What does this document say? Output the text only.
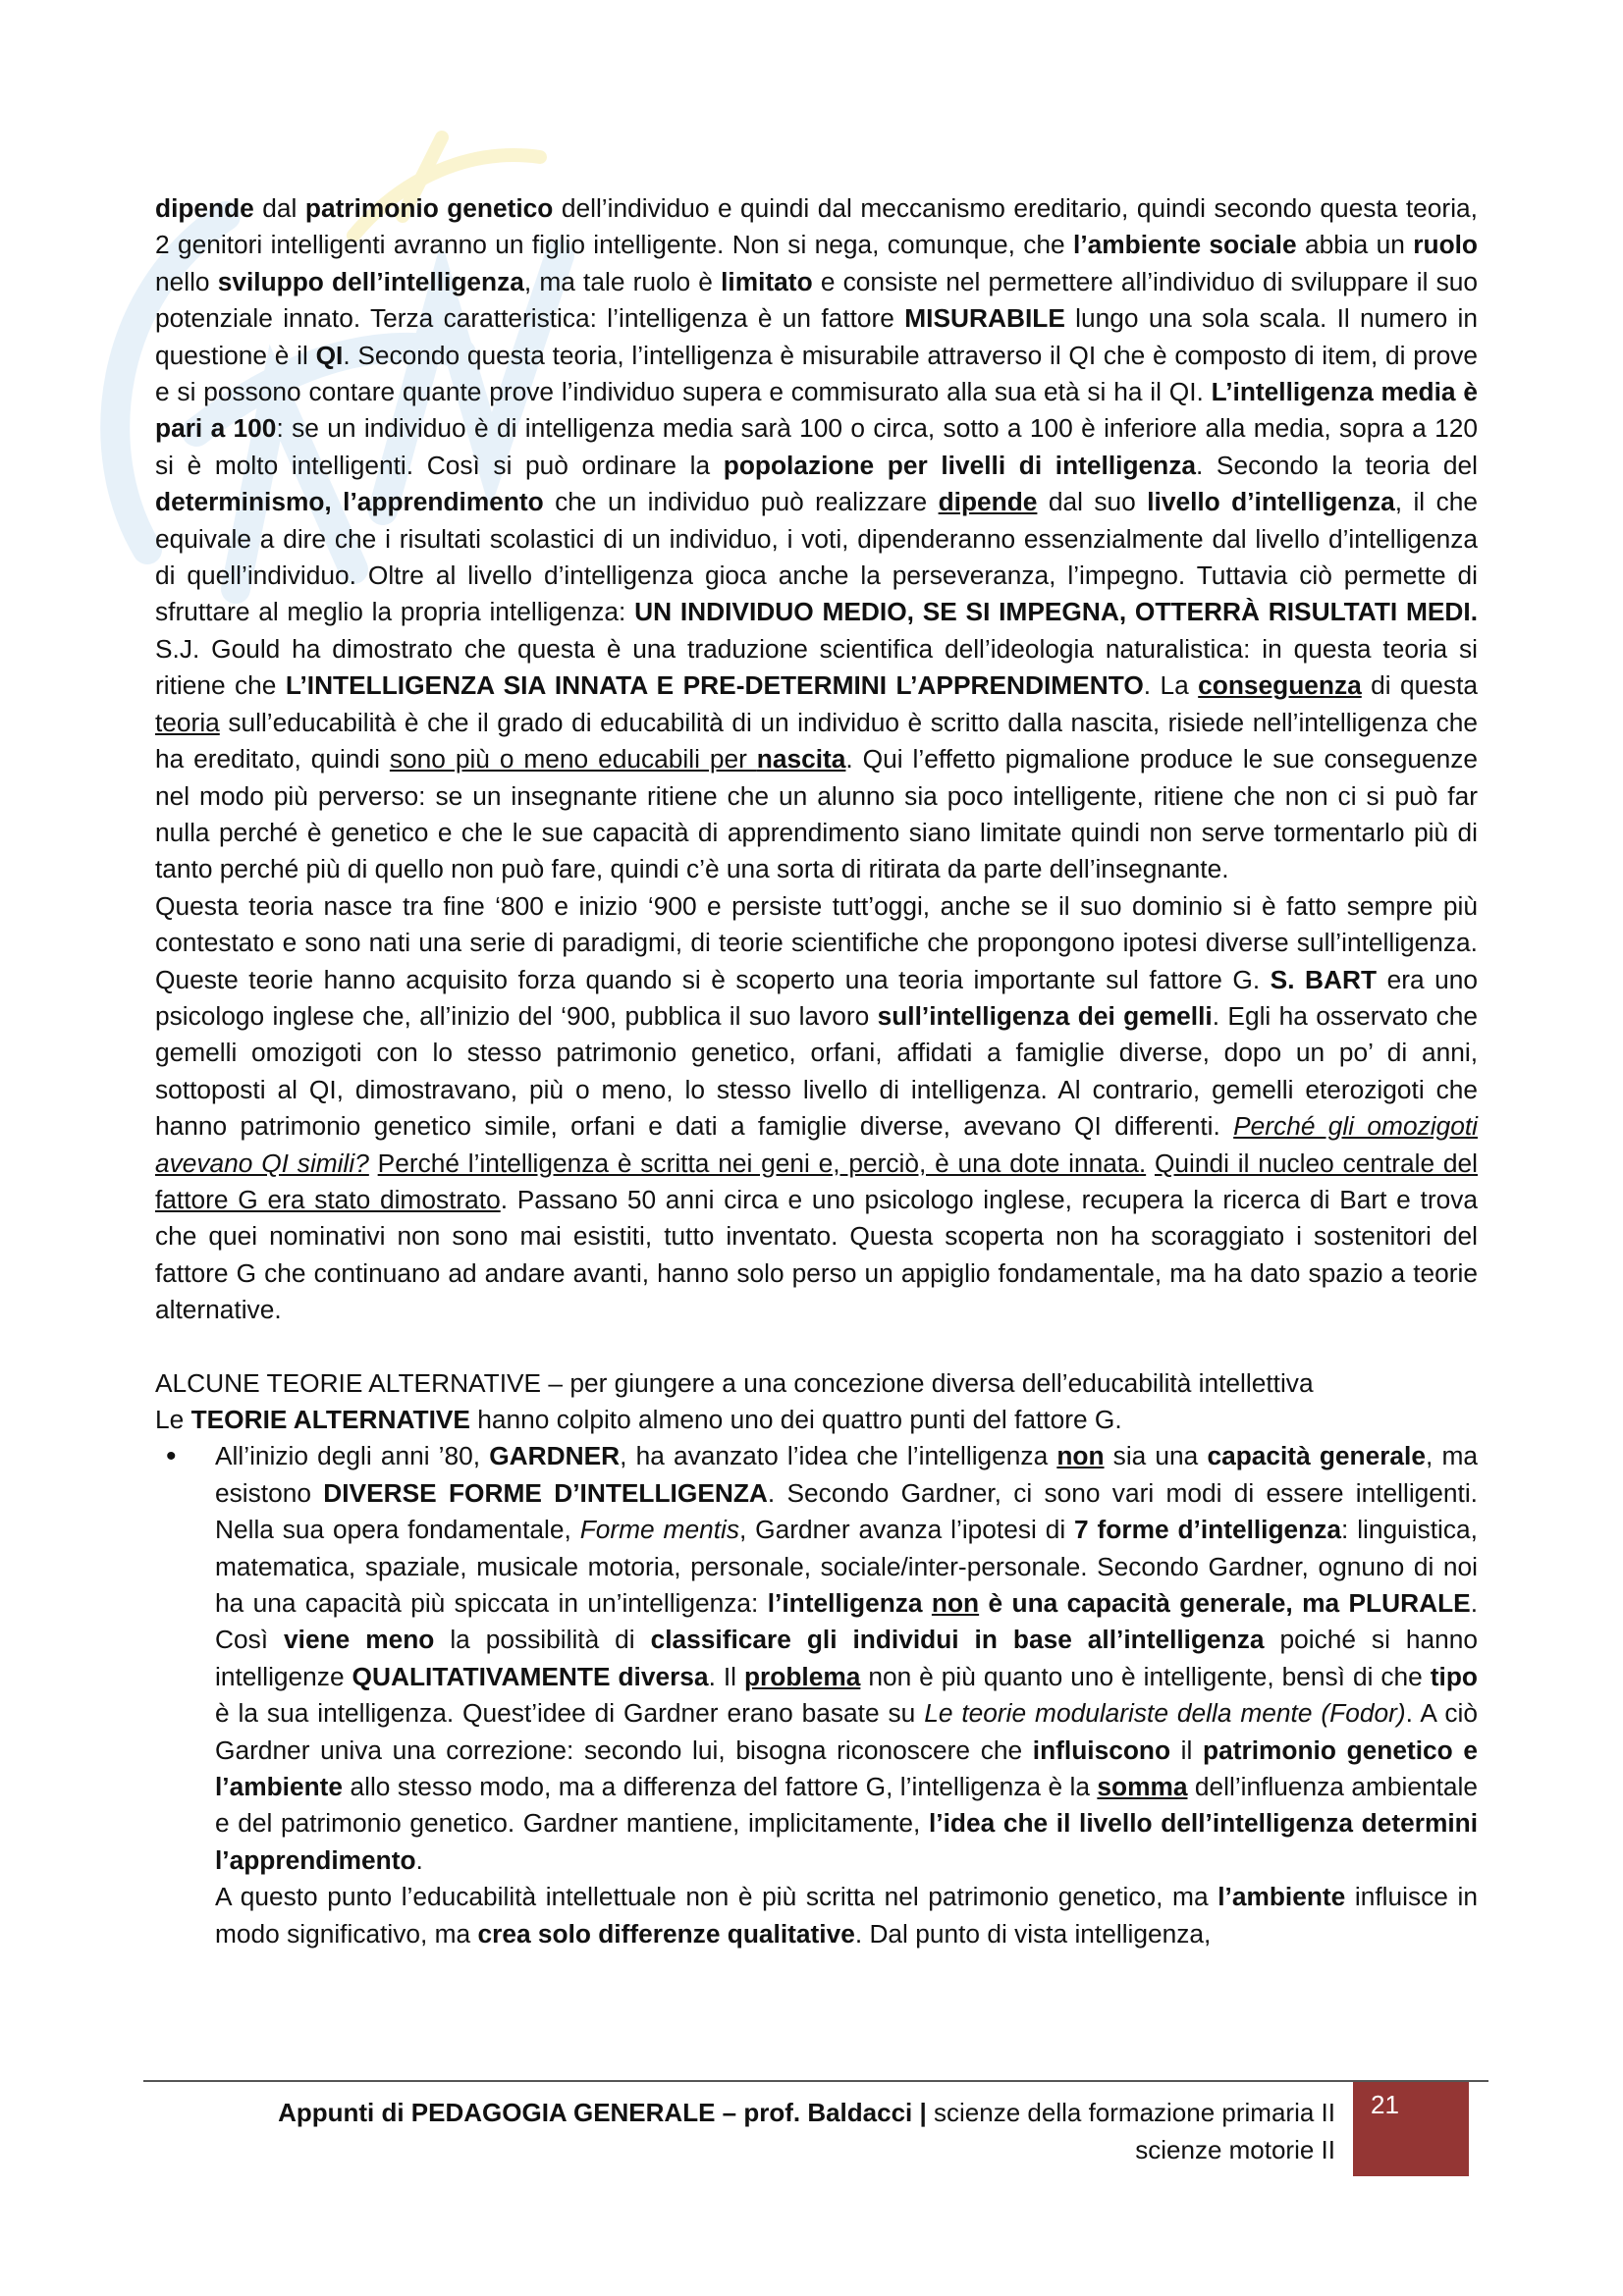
dipende dal patrimonio genetico dell’individuo e quindi dal meccanismo ereditario, quindi secondo questa teoria, 2 genitori intelligenti avranno un figlio intelligente. Non si nega, comunque, che l’ambiente sociale abbia un ruolo nello sviluppo dell’intelligenza, ma tale ruolo è limitato e consiste nel permettere all’individuo di sviluppare il suo potenziale innato. Terza caratteristica: l’intelligenza è un fattore MISURABILE lungo una sola scala. Il numero in questione è il QI. Secondo questa teoria, l’intelligenza è misurabile attraverso il QI che è composto di item, di prove e si possono contare quante prove l’individuo supera e commisurato alla sua età si ha il QI. L’intelligenza media è pari a 100: se un individuo è di intelligenza media sarà 100 o circa, sotto a 100 è inferiore alla media, sopra a 120 si è molto intelligenti. Così si può ordinare la popolazione per livelli di intelligenza. Secondo la teoria del determinismo, l’apprendimento che un individuo può realizzare dipende dal suo livello d’intelligenza, il che equivale a dire che i risultati scolastici di un individuo, i voti, dipenderanno essenzialmente dal livello d’intelligenza di quell’individuo. Oltre al livello d’intelligenza gioca anche la perseveranza, l’impegno. Tuttavia ciò permette di sfruttare al meglio la propria intelligenza: UN INDIVIDUO MEDIO, SE SI IMPEGNA, OTTERRÀ RISULTATI MEDI. S.J. Gould ha dimostrato che questa è una traduzione scientifica dell’ideologia naturalistica: in questa teoria si ritiene che L’INTELLIGENZA SIA INNATA E PRE-DETERMINI L’APPRENDIMENTO. La conseguenza di questa teoria sull’educabilità è che il grado di educabilità di un individuo è scritto dalla nascita, risiede nell’intelligenza che ha ereditato, quindi sono più o meno educabili per nascita. Qui l’effetto pigmalione produce le sue conseguenze nel modo più perverso: se un insegnante ritiene che un alunno sia poco intelligente, ritiene che non ci si può far nulla perché è genetico e che le sue capacità di apprendimento siano limitate quindi non serve tormentarlo più di tanto perché più di quello non può fare, quindi c’è una sorta di ritirata da parte dell’insegnante.

Questa teoria nasce tra fine ‘800 e inizio ‘900 e persiste tutt’oggi, anche se il suo dominio si è fatto sempre più contestato e sono nati una serie di paradigmi, di teorie scientifiche che propongono ipotesi diverse sull’intelligenza. Queste teorie hanno acquisito forza quando si è scoperto una teoria importante sul fattore G. S. BART era uno psicologo inglese che, all’inizio del ‘900, pubblica il suo lavoro sull’intelligenza dei gemelli. Egli ha osservato che gemelli omozigoti con lo stesso patrimonio genetico, orfani, affidati a famiglie diverse, dopo un po’ di anni, sottoposti al QI, dimostravano, più o meno, lo stesso livello di intelligenza. Al contrario, gemelli eterozigoti che hanno patrimonio genetico simile, orfani e dati a famiglie diverse, avevano QI differenti. Perché gli omozigoti avevano QI simili? Perché l’intelligenza è scritta nei geni e, perciò, è una dote innata. Quindi il nucleo centrale del fattore G era stato dimostrato. Passano 50 anni circa e uno psicologo inglese, recupera la ricerca di Bart e trova che quei nominativi non sono mai esistiti, tutto inventato. Questa scoperta non ha scoraggiato i sostenitori del fattore G che continuano ad andare avanti, hanno solo perso un appiglio fondamentale, ma ha dato spazio a teorie alternative.

ALCUNE TEORIE ALTERNATIVE – per giungere a una concezione diversa dell’educabilità intellettiva

Le TEORIE ALTERNATIVE hanno colpito almeno uno dei quattro punti del fattore G.

• All’inizio degli anni ’80, GARDNER, ha avanzato l’idea che l’intelligenza non sia una capacità generale, ma esistono DIVERSE FORME D’INTELLIGENZA. Secondo Gardner, ci sono vari modi di essere intelligenti. Nella sua opera fondamentale, Forme mentis, Gardner avanza l’ipotesi di 7 forme d’intelligenza: linguistica, matematica, spaziale, musicale motoria, personale, sociale/inter-personale. Secondo Gardner, ognuno di noi ha una capacità più spiccata in un’intelligenza: l’intelligenza non è una capacità generale, ma PLURALE. Così viene meno la possibilità di classificare gli individui in base all’intelligenza poiché si hanno intelligenze QUALITATIVAMENTE diversa. Il problema non è più quanto uno è intelligente, bensì di che tipo è la sua intelligenza. Quest’idee di Gardner erano basate su Le teorie modulariste della mente (Fodor). A ciò Gardner univa una correzione: secondo lui, bisogna riconoscere che influiscono il patrimonio genetico e l’ambiente allo stesso modo, ma a differenza del fattore G, l’intelligenza è la somma dell’influenza ambientale e del patrimonio genetico. Gardner mantiene, implicitamente, l’idea che il livello dell’intelligenza determini l’apprendimento.
A questo punto l’educabilità intellettuale non è più scritta nel patrimonio genetico, ma l’ambiente influisce in modo significativo, ma crea solo differenze qualitative. Dal punto di vista intelligenza,
Appunti di PEDAGOGIA GENERALE – prof. Baldacci | scienze della formazione primaria II
scienze motorie II
21
